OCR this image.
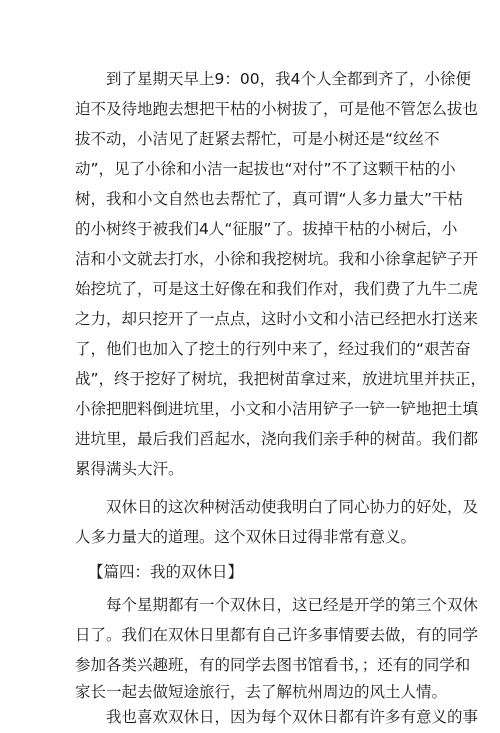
到了星期天早上9：00，我4个人全都到齐了，小徐便
迫不及待地跑去想把干枯的小树拔了，可是他不管怎么拔也
拔不动，小洁见了赶紧去帮忙，可是小树还是“纹丝不
动”，见了小徐和小洁一起拔也“对付”不了这颗干枯的小
树，我和小文自然也去帮忙了，真可谓“人多力量大”干枯
的小树终于被我们4人“征服”了。拔掉干枯的小树后，小
洁和小文就去打水，小徐和我挖树坑。我和小徐拿起铲子开
始挖坑了，可是这土好像在和我们作对，我们费了九牛二虎
之力，却只挖开了一点点，这时小文和小洁已经把水打送来
了，他们也加入了挖土的行列中来了，经过我们的“艰苦奋
战”，终于挖好了树坑，我把树苗拿过来，放进坑里并扶正，
小徐把肥料倒进坑里，小文和小洁用铲子一铲一铲地把土填
进坑里，最后我们舀起水，浇向我们亲手种的树苗。我们都
累得满头大汗。
双休日的这次种树活动使我明白了同心协力的好处，及
人多力量大的道理。这个双休日过得非常有意义。
【篇四：我的双休日】
每个星期都有一个双休日，这已经是开学的第三个双休
日了。我们在双休日里都有自己许多事情要去做，有的同学
参加各类兴趣班，有的同学去图书馆看书，；还有的同学和
家长一起去做短途旅行，去了解杭州周边的风土人情。
我也喜欢双休日，因为每个双休日都有许多有意义的事
